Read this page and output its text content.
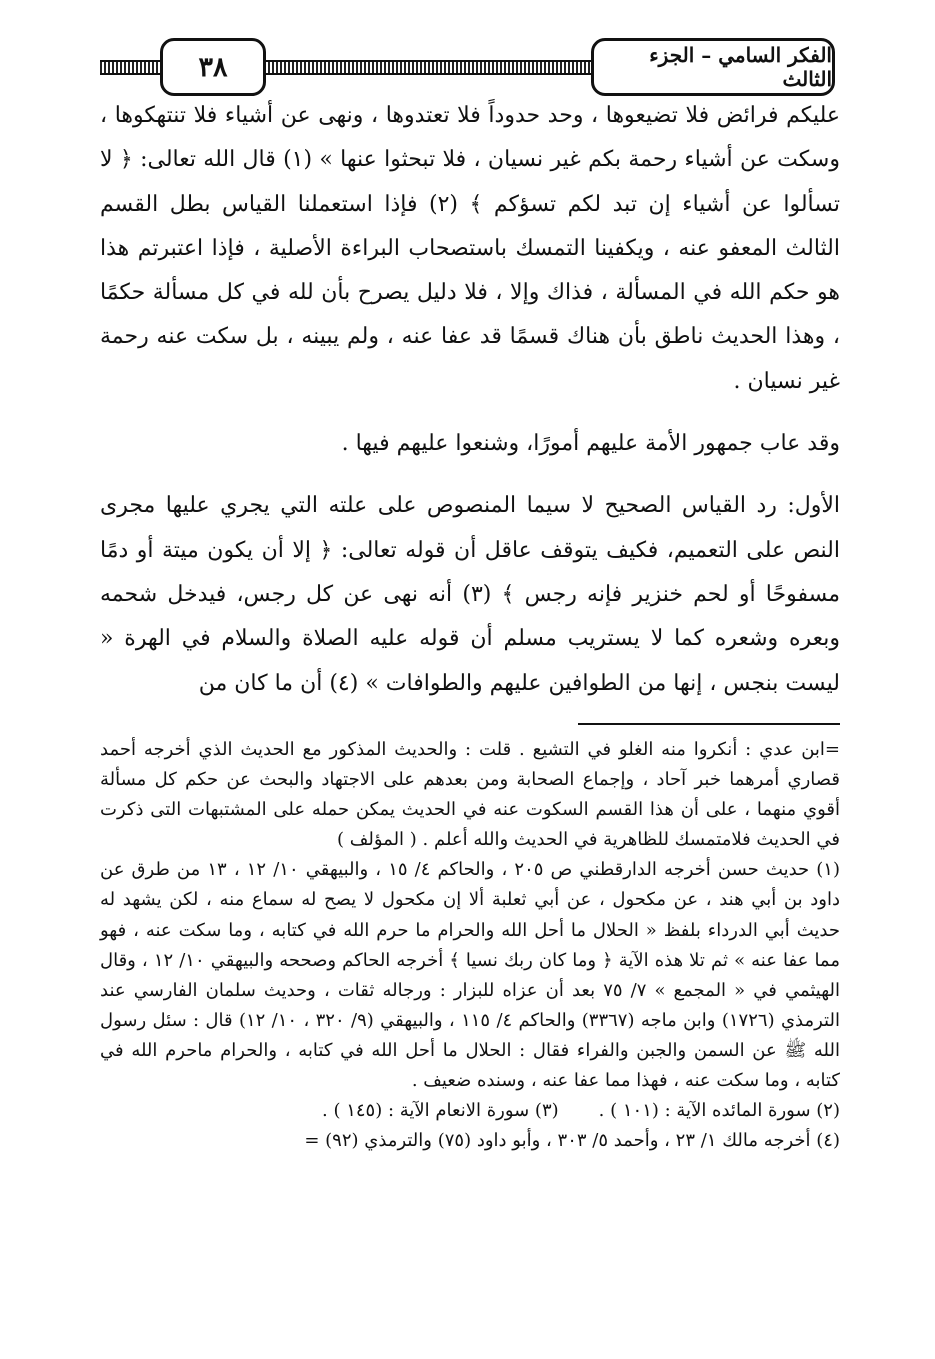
٣٨	الفكر السامي – الجزء الثالث

عليكم فرائض فلا تضيعوها ، وحد حدوداً فلا تعتدوها ، ونهى عن أشياء فلا تنتهكوها ، وسكت عن أشياء رحمة بكم غير نسيان ، فلا تبحثوا عنها » (١) قال الله تعالى: ﴿ لا تسألوا عن أشياء إن تبد لكم تسؤكم ﴾ (٢) فإذا استعملنا القياس بطل القسم الثالث المعفو عنه ، ويكفينا التمسك باستصحاب البراءة الأصلية ، فإذا اعتبرتم هذا هو حكم الله في المسألة ، فذاك وإلا ، فلا دليل يصرح بأن لله في كل مسألة حكمًا ، وهذا الحديث ناطق بأن هناك قسمًا قد عفا عنه ، ولم يبينه ، بل سكت عنه رحمة غير نسيان .

وقد عاب جمهور الأمة عليهم أمورًا، وشنعوا عليهم فيها .

الأول: رد القياس الصحيح لا سيما المنصوص على علته التي يجري عليها مجرى النص على التعميم، فكيف يتوقف عاقل أن قوله تعالى: ﴿ إلا أن يكون ميتة أو دمًا مسفوحًا أو لحم خنزير فإنه رجس ﴾ (٣) أنه نهى عن كل رجس، فيدخل شحمه وبعره وشعره كما لا يستريب مسلم أن قوله عليه الصلاة والسلام في الهرة « ليست بنجس ، إنها من الطوافين عليهم والطوافات » (٤) أن ما كان من

=ابن عدي : أنكروا منه الغلو في التشيع . قلت : والحديث المذكور مع الحديث الذي أخرجه أحمد قصاري أمرهما خبر آحاد ، وإجماع الصحابة ومن بعدهم على الاجتهاد والبحث عن حكم كل مسألة أقوي منهما ، على أن هذا القسم السكوت عنه في الحديث يمكن حمله على المشتبهات التى ذكرت في الحديث فلامتمسك للظاهرية في الحديث والله أعلم . ( المؤلف )

(١) حديث حسن أخرجه الدارقطني ص ٢٠٥ ، والحاكم ٤/ ١٥ ، والبيهقي ١٠/ ١٢ ، ١٣ من طرق عن داود بن أبي هند ، عن مكحول ، عن أبي ثعلبة ألا إن مكحول لا يصح له سماع منه ، لكن يشهد له حديث أبي الدرداء بلفظ « الحلال ما أحل الله والحرام ما حرم الله في كتابه ، وما سكت عنه ، فهو مما عفا عنه » ثم تلا هذه الآية ﴿ وما كان ربك نسيا ﴾ أخرجه الحاكم وصححه والبيهقي ١٠/ ١٢ ، وقال الهيثمي في « المجمع » ٧/ ٧٥ بعد أن عزاه للبزار : ورجاله ثقات ، وحديث سلمان الفارسي عند الترمذي (١٧٢٦) وابن ماجه (٣٣٦٧) والحاكم ٤/ ١١٥ ، والبيهقي (٩/ ٣٢٠ ، ١٠/ ١٢) قال : سئل رسول الله ﷺ عن السمن والجبن والفراء فقال : الحلال ما أحل الله في كتابه ، والحرام ماحرم الله في كتابه ، وما سكت عنه ، فهذا مما عفا عنه ، وسنده ضعيف .

(٢) سورة المائده الآية : (١٠١ ) .
(٣) سورة الانعام الآية : (١٤٥ ) .

(٤) أخرجه مالك ١/ ٢٣ ، وأحمد ٥/ ٣٠٣ ، وأبو داود (٧٥) والترمذي (٩٢) =
